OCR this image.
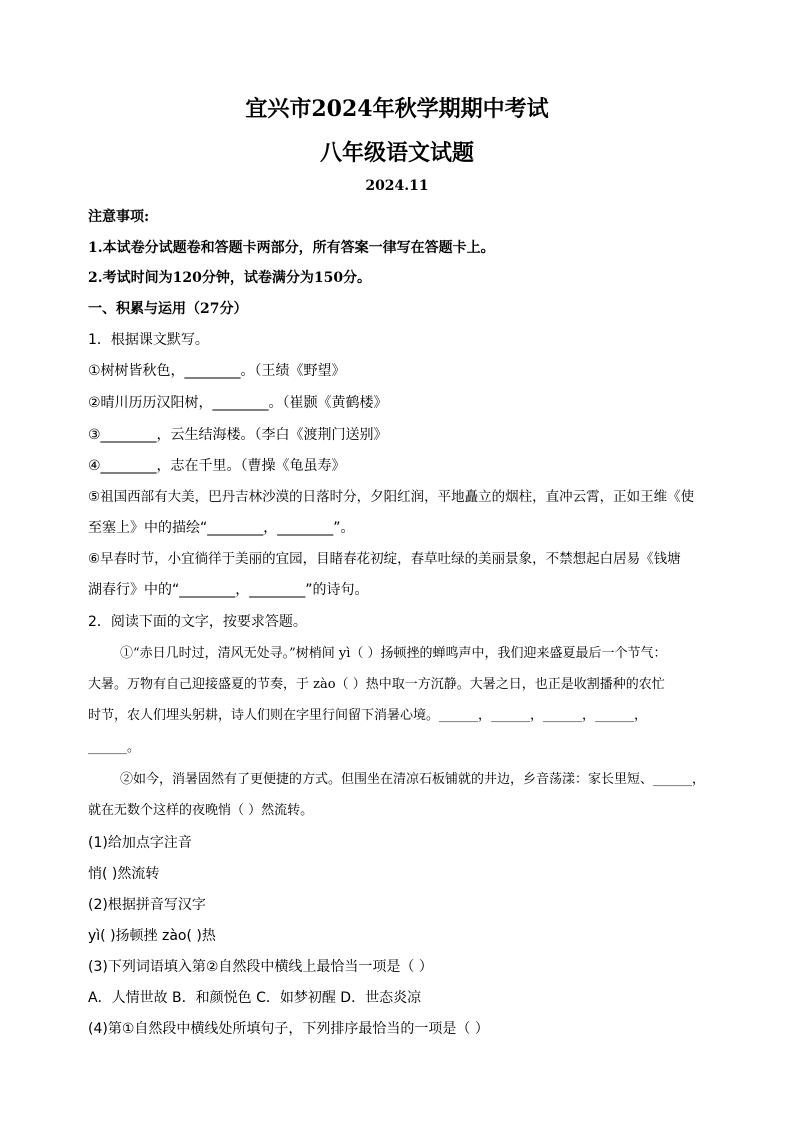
宜兴市2024年秋学期期中考试
八年级语文试题
2024.11
注意事项:
1.本试卷分试题卷和答题卡两部分，所有答案一律写在答题卡上。
2.考试时间为120分钟，试卷满分为150分。
一、积累与运用（27分）
1．根据课文默写。
①树树皆秋色，________。（王绩《野望》
②晴川历历汉阳树，________。（崔颢《黄鹤楼》
③________，云生结海楼。（李白《渡荆门送别》
④________，志在千里。（曹操《龟虽寿》
⑤祖国西部有大美，巴丹吉林沙漠的日落时分，夕阳红润，平地矗立的烟柱，直冲云霄，正如王维《使
至塞上》中的描绘“________，________”。
⑥早春时节，小宜徜徉于美丽的宜园，目睹春花初绽，春草吐绿的美丽景象，不禁想起白居易《钱塘
湖春行》中的“________，________”的诗句。
2．阅读下面的文字，按要求答题。
①“赤日几时过，清风无处寻。”树梢间 yì（ ）扬顿挫的蝉鸣声中，我们迎来盛夏最后一个节气：
大暑。万物有自己迎接盛夏的节奏，于 zào（ ）热中取一方沉静。大暑之日，也正是收割播种的农忙
时节，农人们埋头躬耕，诗人们则在字里行间留下消暑心境。______，______，______，______，
______。
②如今，消暑固然有了更便捷的方式。但围坐在清凉石板铺就的井边，乡音荡漾：家长里短、______，
就在无数个这样的夜晚悄（ ）然流转。
(1)给加点字注音
悄( )然流转
(2)根据拼音写汉字
yì( )扬顿挫 zào( )热
(3)下列词语填入第②自然段中横线上最恰当一项是（ ）
A．人情世故 B．和颜悦色 C．如梦初醒 D．世态炎凉
(4)第①自然段中横线处所填句子，下列排序最恰当的一项是（ ）
